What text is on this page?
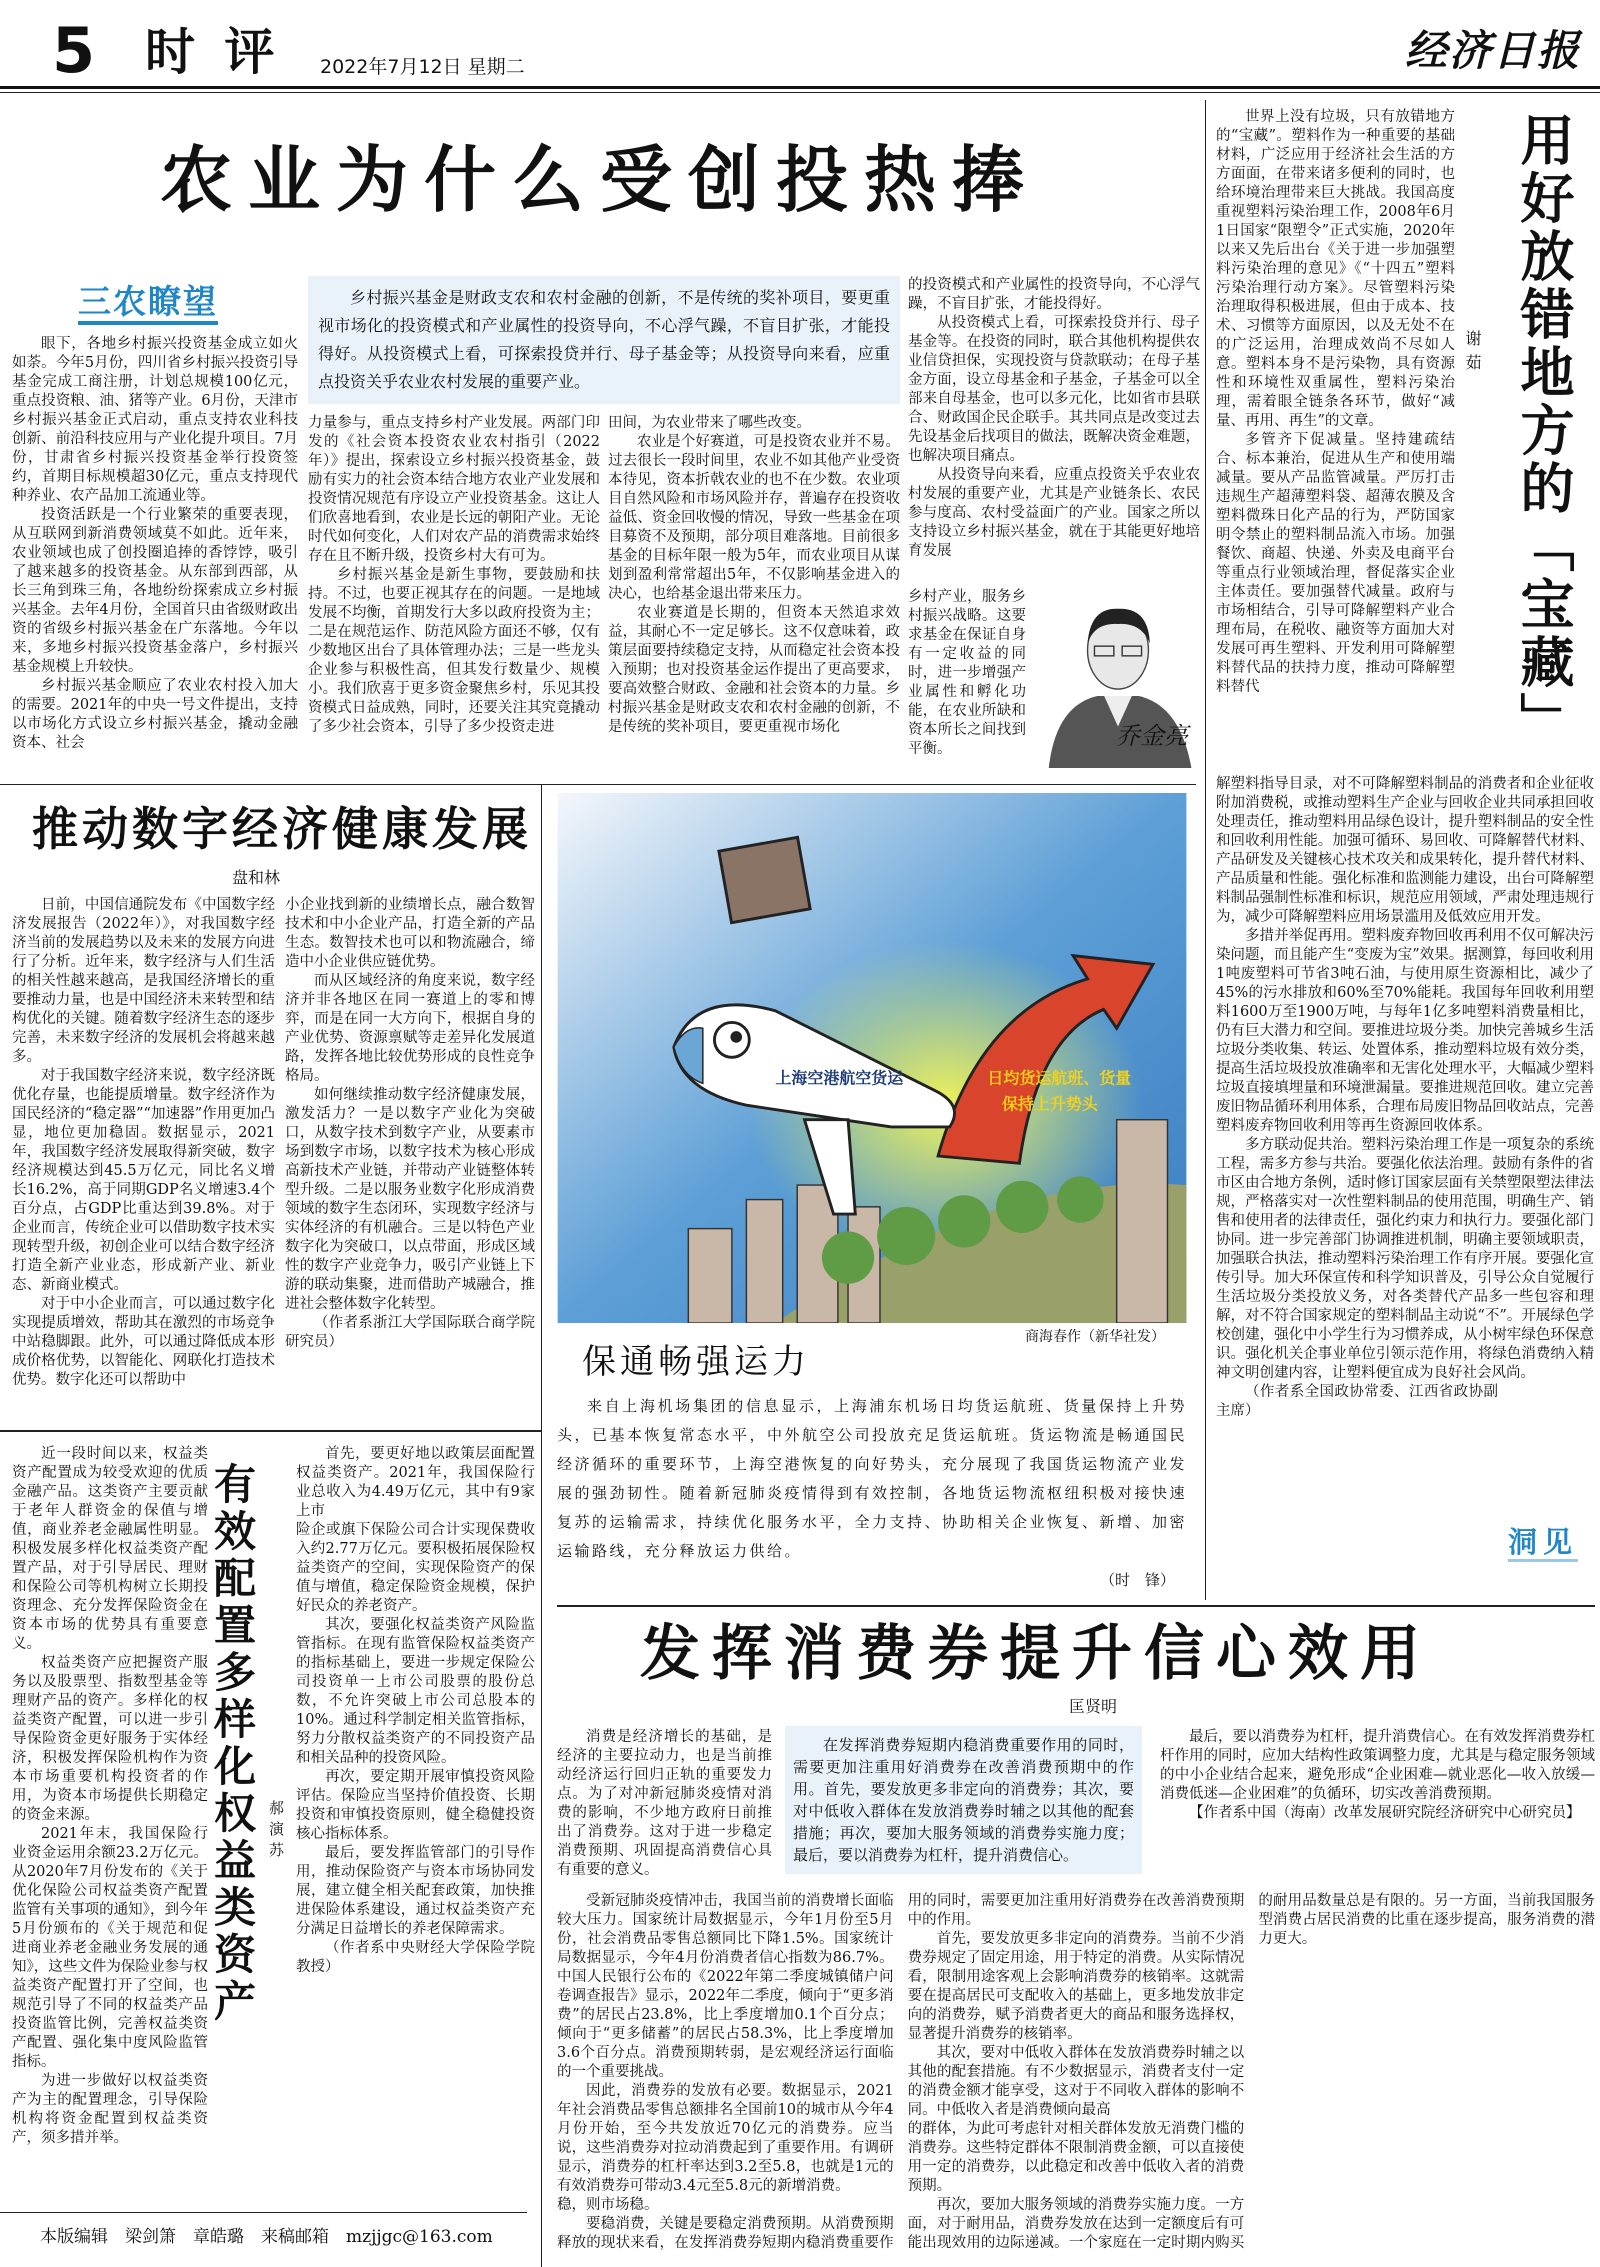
5 时 评 2022年7月12日 星期二	经济日报
农业为什么受创投热捧
三农瞭望	乡村振兴基金是财政支农和农村金融的创新，不是传统的奖补项目，要更重视市场化的投资模式和产业属性的投资导向，不心浮气躁，不盲目扩张，才能投得好。从投资模式上看，可探索投贷并行、母子基金等；从投资导向来看，应重点投资关乎农业农村发展的重要产业。

眼下，各地乡村振兴投资基金成立如火如荼。今年5月份，四川省乡村振兴投资引导基金完成工商注册，计划总规模100亿元，重点投资粮、油、猪等产业。6月份，天津市乡村振兴基金正式启动，重点支持农业科技创新、前沿科技应用与产业化提升项目。7月份，甘肃省乡村振兴投资基金举行投资签约，首期目标规模超30亿元，重点支持现代种养业、农产品加工流通业等。

投资活跃是一个行业繁荣的重要表现，从互联网到新消费领域莫不如此。近年来，农业领域也成了创投圈追捧的香饽饽，吸引了越来越多的投资基金。从东部到西部，从长三角到珠三角，各地纷纷探索成立乡村振兴基金。去年4月份，全国首只由省级财政出资的省级乡村振兴基金在广东落地。今年以来，多地乡村振兴投资基金落户，乡村振兴基金规模上升较快。

乡村振兴基金顺应了农业农村投入加大的需要。2021年的中央一号文件提出，支持以市场化方式设立乡村振兴基金，撬动金融资本、社会

力量参与，重点支持乡村产业发展。两部门印发的《社会资本投资农业农村指引（2022年）》提出，探索设立乡村振兴投资基金，鼓励有实力的社会资本结合地方农业产业发展和投资情况规范有序设立产业投资基金。这让人们欣喜地看到，农业是长远的朝阳产业。无论时代如何变化，人们对农产品的消费需求始终存在且不断升级，投资乡村大有可为。

乡村振兴基金是新生事物，要鼓励和扶持。不过，也要正视其存在的问题。一是地域发展不均衡，首期发行大多以政府投资为主；二是在规范运作、防范风险方面还不够，仅有少数地区出台了具体管理办法；三是一些龙头企业参与积极性高，但其发行数量少、规模小。我们欣喜于更多资金聚焦乡村，乐见其投资模式日益成熟，同时，还要关注其究竟撬动了多少社会资本，引导了多少投资走进

田间，为农业带来了哪些改变。

农业是个好赛道，可是投资农业并不易。过去很长一段时间里，农业不如其他产业受资本待见，资本折戟农业的也不在少数。农业项目自然风险和市场风险并存，普遍存在投资收益低、资金回收慢的情况，导致一些基金在项目募资不及预期，部分项目难落地。目前很多基金的目标年限一般为5年，而农业项目从谋划到盈利常常超出5年，不仅影响基金进入的决心，也给基金退出带来压力。

农业赛道是长期的，但资本天然追求效益，其耐心不一定足够长。这不仅意味着，政策层面要持续稳定支持，从而稳定社会资本投入预期；也对投资基金运作提出了更高要求，要高效整合财政、金融和社会资本的力量。乡村振兴基金是财政支农和农村金融的创新，不是传统的奖补项目，要更重视市场化

的投资模式和产业属性的投资导向，不心浮气躁，不盲目扩张，才能投得好。

从投资模式上看，可探索投贷并行、母子基金等。在投资的同时，联合其他机构提供农业信贷担保，实现投资与贷款联动；在母子基金方面，设立母基金和子基金，子基金可以全部来自母基金，也可以多元化，比如省市县联合、财政国企民企联手。其共同点是改变过去先设基金后找项目的做法，既解决资金难题，也解决项目痛点。

从投资导向来看，应重点投资关乎农业农村发展的重要产业，尤其是产业链条长、农民参与度高、农村受益面广的产业。国家之所以支持设立乡村振兴基金，就在于其能更好地培育发展

乡村产业，服务乡村振兴战略。这要求基金在保证自身有一定收益的同时，进一步增强产业属性和孵化功能，在农业所缺和资本所长之间找到平衡。	乔金亮

世界上没有垃圾，只有放错地方的“宝藏”。塑料作为一种重要的基础材料，广泛应用于经济社会生活的方方面面，在带来诸多便利的同时，也给环境治理带来巨大挑战。我国高度重视塑料污染治理工作，2008年6月1日国家“限塑令”正式实施，2020年以来又先后出台《关于进一步加强塑料污染治理的意见》《“十四五”塑料污染治理行动方案》。尽管塑料污染治理取得积极进展，但由于成本、技术、习惯等方面原因，以及无处不在的广泛运用，治理成效尚不尽如人意。塑料本身不是污染物，具有资源性和环境性双重属性，塑料污染治理，需着眼全链条各环节，做好“减量、再用、再生”的文章。

多管齐下促减量。坚持建疏结合、标本兼治，促进从生产和使用端减量。要从产品监管减量。严厉打击违规生产超薄塑料袋、超薄农膜及含塑料微珠日化产品的行为，严防国家明令禁止的塑料制品流入市场。加强餐饮、商超、快递、外卖及电商平台等重点行业领域治理，督促落实企业主体责任。要加强替代减量。政府与市场相结合，引导可降解塑料产业合理布局，在税收、融资等方面加大对发展可再生塑料、开发利用可降解塑料替代品的扶持力度，推动可降解塑料替代

谢茹 用好放错地方的「宝藏」

解塑料指导目录，对不可降解塑料制品的消费者和企业征收附加消费税，或推动塑料生产企业与回收企业共同承担回收处理责任，推动塑料用品绿色设计，提升塑料制品的安全性和回收利用性能。加强可循环、易回收、可降解替代材料、产品研发及关键核心技术攻关和成果转化，提升替代材料、产品质量和性能。强化标准和监测能力建设，出台可降解塑料制品强制性标准和标识，规范应用领域，严肃处理违规行为，减少可降解塑料应用场景滥用及低效应用开发。

多措并举促再用。塑料废弃物回收再利用不仅可解决污染问题，而且能产生“变废为宝”效果。据测算，每回收利用1吨废塑料可节省3吨石油，与使用原生资源相比，减少了45%的污水排放和60%至70%能耗。我国每年回收利用塑料1600万至1900万吨，与每年1亿多吨塑料消费量相比，仍有巨大潜力和空间。要推进垃圾分类。加快完善城乡生活垃圾分类收集、转运、处置体系，推动塑料垃圾有效分类，提高生活垃圾投放准确率和无害化处理水平，大幅减少塑料垃圾直接填埋量和环境泄漏量。要推进规范回收。建立完善废旧物品循环利用体系，合理布局废旧物品回收站点，完善塑料废弃物回收利用等再生资源回收体系。

多方联动促共治。塑料污染治理工作是一项复杂的系统工程，需多方参与共治。要强化依法治理。鼓励有条件的省市区由合地方条例，适时修订国家层面有关禁塑限塑法律法规，严格落实对一次性塑料制品的使用范围，明确生产、销售和使用者的法律责任，强化约束力和执行力。要强化部门协同。进一步完善部门协调推进机制，明确主要领域职责，加强联合执法，推动塑料污染治理工作有序开展。要强化宣传引导。加大环保宣传和科学知识普及，引导公众自觉履行生活垃圾分类投放义务，对各类替代产品多一些包容和理解，对不符合国家规定的塑料制品主动说“不”。开展绿色学校创建，强化中小学生行为习惯养成，从小树牢绿色环保意识。强化机关企事业单位引领示范作用，将绿色消费纳入精神文明创建内容，让塑料便宜成为良好社会风尚。

（作者系全国政协常委、江西省政协副主席）

洞见
推动数字经济健康发展
盘和林

日前，中国信通院发布《中国数字经济发展报告（2022年）》，对我国数字经济当前的发展趋势以及未来的发展方向进行了分析。近年来，数字经济与人们生活的相关性越来越高，是我国经济增长的重要推动力量，也是中国经济未来转型和结构优化的关键。随着数字经济生态的逐步完善，未来数字经济的发展机会将越来越多。

对于我国数字经济来说，数字经济既优化存量，也能提质增量。数字经济作为国民经济的“稳定器”“加速器”作用更加凸显，地位更加稳固。数据显示，2021年，我国数字经济发展取得新突破，数字经济规模达到45.5万亿元，同比名义增长16.2%，高于同期GDP名义增速3.4个百分点，占GDP比重达到39.8%。对于企业而言，传统企业可以借助数字技术实现转型升级，初创企业可以结合数字经济打造全新产业业态，形成新产业、新业态、新商业模式。

对于中小企业而言，可以通过数字化实现提质增效，帮助其在激烈的市场竞争中站稳脚跟。此外，可以通过降低成本形成价格优势，以智能化、网联化打造技术优势。数字化还可以帮助中

小企业找到新的业绩增长点，融合数智技术和中小企业产品，打造全新的产品生态。数智技术也可以和物流融合，缔造中小企业供应链优势。

而从区域经济的角度来说，数字经济并非各地区在同一赛道上的零和博弈，而是在同一大方向下，根据自身的产业优势、资源禀赋等走差异化发展道路，发挥各地比较优势形成的良性竞争格局。

如何继续推动数字经济健康发展，激发活力？一是以数字产业化为突破口，从数字技术到数字产业，从要素市场到数字市场，以数字技术为核心形成高新技术产业链，并带动产业链整体转型升级。二是以服务业数字化形成消费领域的数字生态闭环，实现数字经济与实体经济的有机融合。三是以特色产业数字化为突破口，以点带面，形成区域性的数字产业竞争力，吸引产业链上下游的联动集聚，进而借助产城融合，推进社会整体数字化转型。

（作者系浙江大学国际联合商学院研究员）

日均货运航班、货量
保持上升势头
上海空港航空货运
商海春作（新华社发）
保通畅强运力

来自上海机场集团的信息显示，上海浦东机场日均货运航班、货量保持上升势头，已基本恢复常态水平，中外航空公司投放充足货运航班。货运物流是畅通国民经济循环的重要环节，上海空港恢复的向好势头，充分展现了我国货运物流产业发展的强劲韧性。随着新冠肺炎疫情得到有效控制，各地货运物流枢纽积极对接快速复苏的运输需求，持续优化服务水平，全力支持、协助相关企业恢复、新增、加密运输路线，充分释放运力供给。

（时　锋）

近一段时间以来，权益类资产配置成为较受欢迎的优质金融产品。这类资产主要贡献于老年人群资金的保值与增值，商业养老金融属性明显。积极发展多样化权益类资产配置产品，对于引导居民、理财和保险公司等机构树立长期投资理念、充分发挥保险资金在资本市场的优势具有重要意义。

权益类资产应把握资产服务以及股票型、指数型基金等理财产品的资产。多样化的权益类资产配置，可以进一步引导保险资金更好服务于实体经济，积极发挥保险机构作为资本市场重要机构投资者的作用，为资本市场提供长期稳定的资金来源。

2021年末，我国保险行业资金运用余额23.2万亿元。从2020年7月份发布的《关于优化保险公司权益类资产配置监管有关事项的通知》，到今年5月份颁布的《关于规范和促进商业养老金融业务发展的通知》，这些文件为保险业参与权益类资产配置打开了空间，也规范引导了不同的权益类产品投资监管比例，完善权益类资产配置、强化集中度风险监管指标。

为进一步做好以权益类资产为主的配置理念，引导保险机构将资金配置到权益类资产，须多措并举。

有效配置多样化权益类资产 郝演苏

首先，要更好地以政策层面配置权益类资产。2021年，我国保险行业总收入为4.49万亿元，其中有9家上市

险企或旗下保险公司合计实现保费收入约2.77万亿元。要积极拓展保险权益类资产的空间，实现保险资产的保值与增值，稳定保险资金规模，保护好民众的养老资产。

其次，要强化权益类资产风险监管指标。在现有监管保险权益类资产的指标基础上，要进一步规定保险公司投资单一上市公司股票的股份总数，不允许突破上市公司总股本的10%。通过科学制定相关监管指标，努力分散权益类资产的不同投资产品和相关品种的投资风险。

再次，要定期开展审慎投资风险评估。保险应当坚持价值投资、长期投资和审慎投资原则，健全稳健投资核心指标体系。

最后，要发挥监管部门的引导作用，推动保险资产与资本市场协同发展，建立健全相关配套政策，加快推进保险体系建设，通过权益类资产充分满足日益增长的养老保障需求。

（作者系中央财经大学保险学院教授）

发挥消费券提升信心效用
匡贤明

消费是经济增长的基础，是经济的主要拉动力，也是当前推动经济运行回归正轨的重要发力点。为了对冲新冠肺炎疫情对消费的影响，不少地方政府日前推出了消费券。这对于进一步稳定消费预期、巩固提高消费信心具有重要的意义。

在发挥消费券短期内稳消费重要作用的同时，需要更加注重用好消费券在改善消费预期中的作用。首先，要发放更多非定向的消费券；其次，要对中低收入群体在发放消费券时辅之以其他的配套措施；再次，要加大服务领域的消费券实施力度；最后，要以消费券为杠杆，提升消费信心。

最后，要以消费券为杠杆，提升消费信心。在有效发挥消费券杠杆作用的同时，应加大结构性政策调整力度，尤其是与稳定服务领域的中小企业结合起来，避免形成“企业困难—就业恶化—收入放缓—消费低迷—企业困难”的负循环，切实改善消费预期。

【作者系中国（海南）改革发展研究院经济研究中心研究员】

受新冠肺炎疫情冲击，我国当前的消费增长面临较大压力。国家统计局数据显示，今年1月份至5月份，社会消费品零售总额同比下降1.5%。国家统计局数据显示，今年4月份消费者信心指数为86.7%。中国人民银行公布的《2022年第二季度城镇储户问卷调查报告》显示，2022年二季度，倾向于“更多消费”的居民占23.8%，比上季度增加0.1个百分点；倾向于“更多储蓄”的居民占58.3%，比上季度增加3.6个百分点。消费预期转弱，是宏观经济运行面临的一个重要挑战。

因此，消费券的发放有必要。数据显示，2021年社会消费品零售总额排名全国前10的城市从今年4月份开始，至今共发放近70亿元的消费券。应当说，这些消费券对拉动消费起到了重要作用。有调研显示，消费券的杠杆率达到3.2至5.8，也就是1元的有效消费券可带动3.4元至5.8元的新增消费。

稳，则市场稳。

要稳消费，关键是要稳定消费预期。从消费预期释放的现状来看，在发挥消费券短期内稳消费重要作用的同时，需要更加注重用好消费券在改善消费预期中的作用。

首先，要发放更多非定向的消费券。当前不少消费券规定了固定用途，用于特定的消费。从实际情况看，限制用途客观上会影响消费券的核销率。这就需要在提高居民可支配收入的基础上，更多地发放非定向的消费券，赋予消费者更大的商品和服务选择权，显著提升消费券的核销率。

其次，要对中低收入群体在发放消费券时辅之以其他的配套措施。有不少数据显示，消费者支付一定的消费金额才能享受，这对于不同收入群体的影响不同。中低收入者是消费倾向最高

的群体，为此可考虑针对相关群体发放无消费门槛的消费券。这些特定群体不限制消费金额，可以直接使用一定的消费券，以此稳定和改善中低收入者的消费预期。

再次，要加大服务领域的消费券实施力度。一方面，对于耐用品，消费券发放在达到一定额度后有可能出现效用的边际递减。一个家庭在一定时期内购买的耐用品数量总是有限的。另一方面，当前我国服务型消费占居民消费的比重在逐步提高，服务消费的潜力更大。

本版编辑　梁剑箫　章皓璐　来稿邮箱　mzjjgc@163.com
